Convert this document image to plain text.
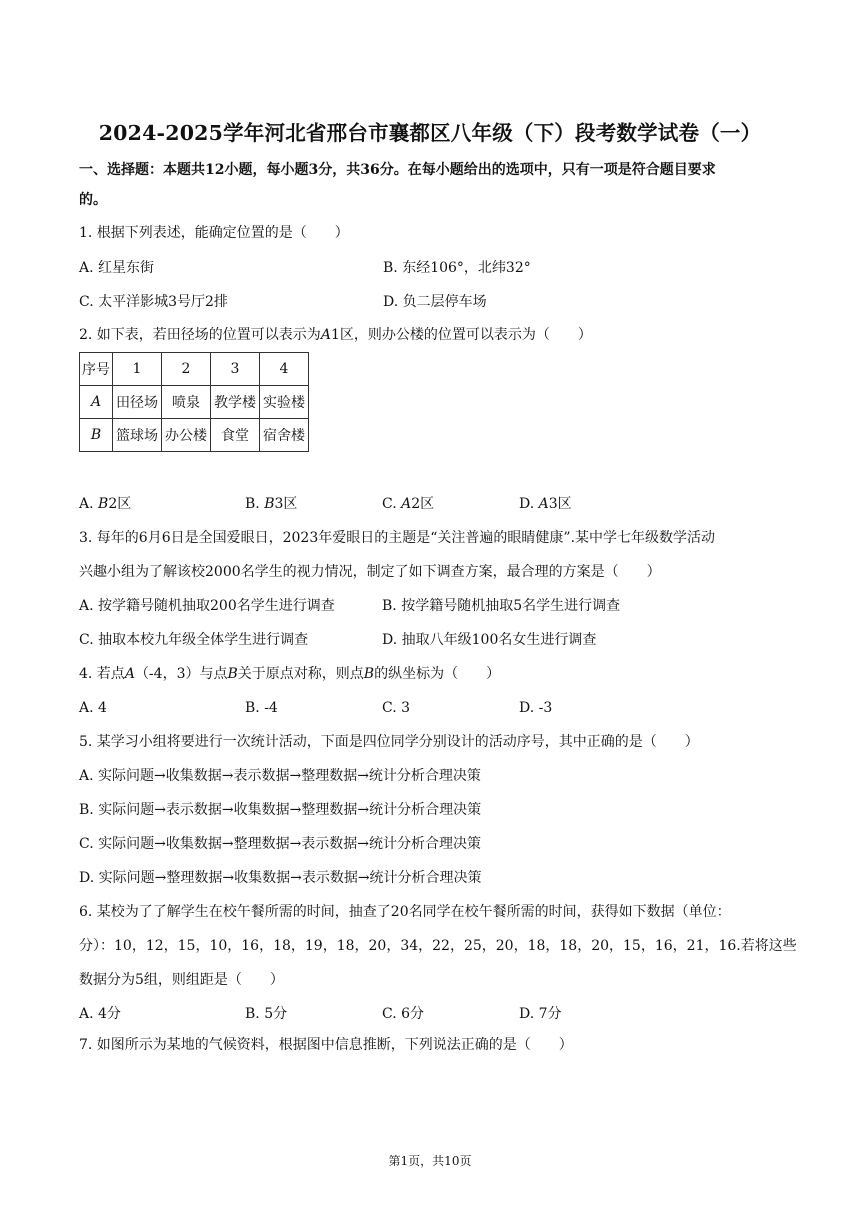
2024-2025学年河北省邢台市襄都区八年级（下）段考数学试卷（一）
一、选择题：本题共12小题，每小题3分，共36分。在每小题给出的选项中，只有一项是符合题目要求
的。
1. 根据下列表述，能确定位置的是（　　）
A. 红星东街	B. 东经106°，北纬32°
C. 太平洋影城3号厅2排	D. 负二层停车场
2. 如下表，若田径场的位置可以表示为A1区，则办公楼的位置可以表示为（　　）
序号	1	2	3	4
A	田径场	喷泉	教学楼	实验楼
B	篮球场	办公楼	食堂	宿舍楼
A. B2区	B. B3区	C. A2区	D. A3区
3. 每年的6月6日是全国爱眼日，2023年爱眼日的主题是“关注普遍的眼睛健康”.某中学七年级数学活动
兴趣小组为了解该校2000名学生的视力情况，制定了如下调查方案，最合理的方案是（　　）
A. 按学籍号随机抽取200名学生进行调查	B. 按学籍号随机抽取5名学生进行调查
C. 抽取本校九年级全体学生进行调查	D. 抽取八年级100名女生进行调查
4. 若点A（-4，3）与点B关于原点对称，则点B的纵坐标为（　　）
A. 4	B. -4	C. 3	D. -3
5. 某学习小组将要进行一次统计活动，下面是四位同学分别设计的活动序号，其中正确的是（　　）
A. 实际问题→收集数据→表示数据→整理数据→统计分析合理决策
B. 实际问题→表示数据→收集数据→整理数据→统计分析合理决策
C. 实际问题→收集数据→整理数据→表示数据→统计分析合理决策
D. 实际问题→整理数据→收集数据→表示数据→统计分析合理决策
6. 某校为了了解学生在校午餐所需的时间，抽查了20名同学在校午餐所需的时间，获得如下数据（单位：
分）：10，12，15，10，16，18，19，18，20，34，22，25，20，18，18，20，15，16，21，16.若将这些
数据分为5组，则组距是（　　）
A. 4分	B. 5分	C. 6分	D. 7分
7. 如图所示为某地的气候资料，根据图中信息推断，下列说法正确的是（　　）
第1页，共10页
